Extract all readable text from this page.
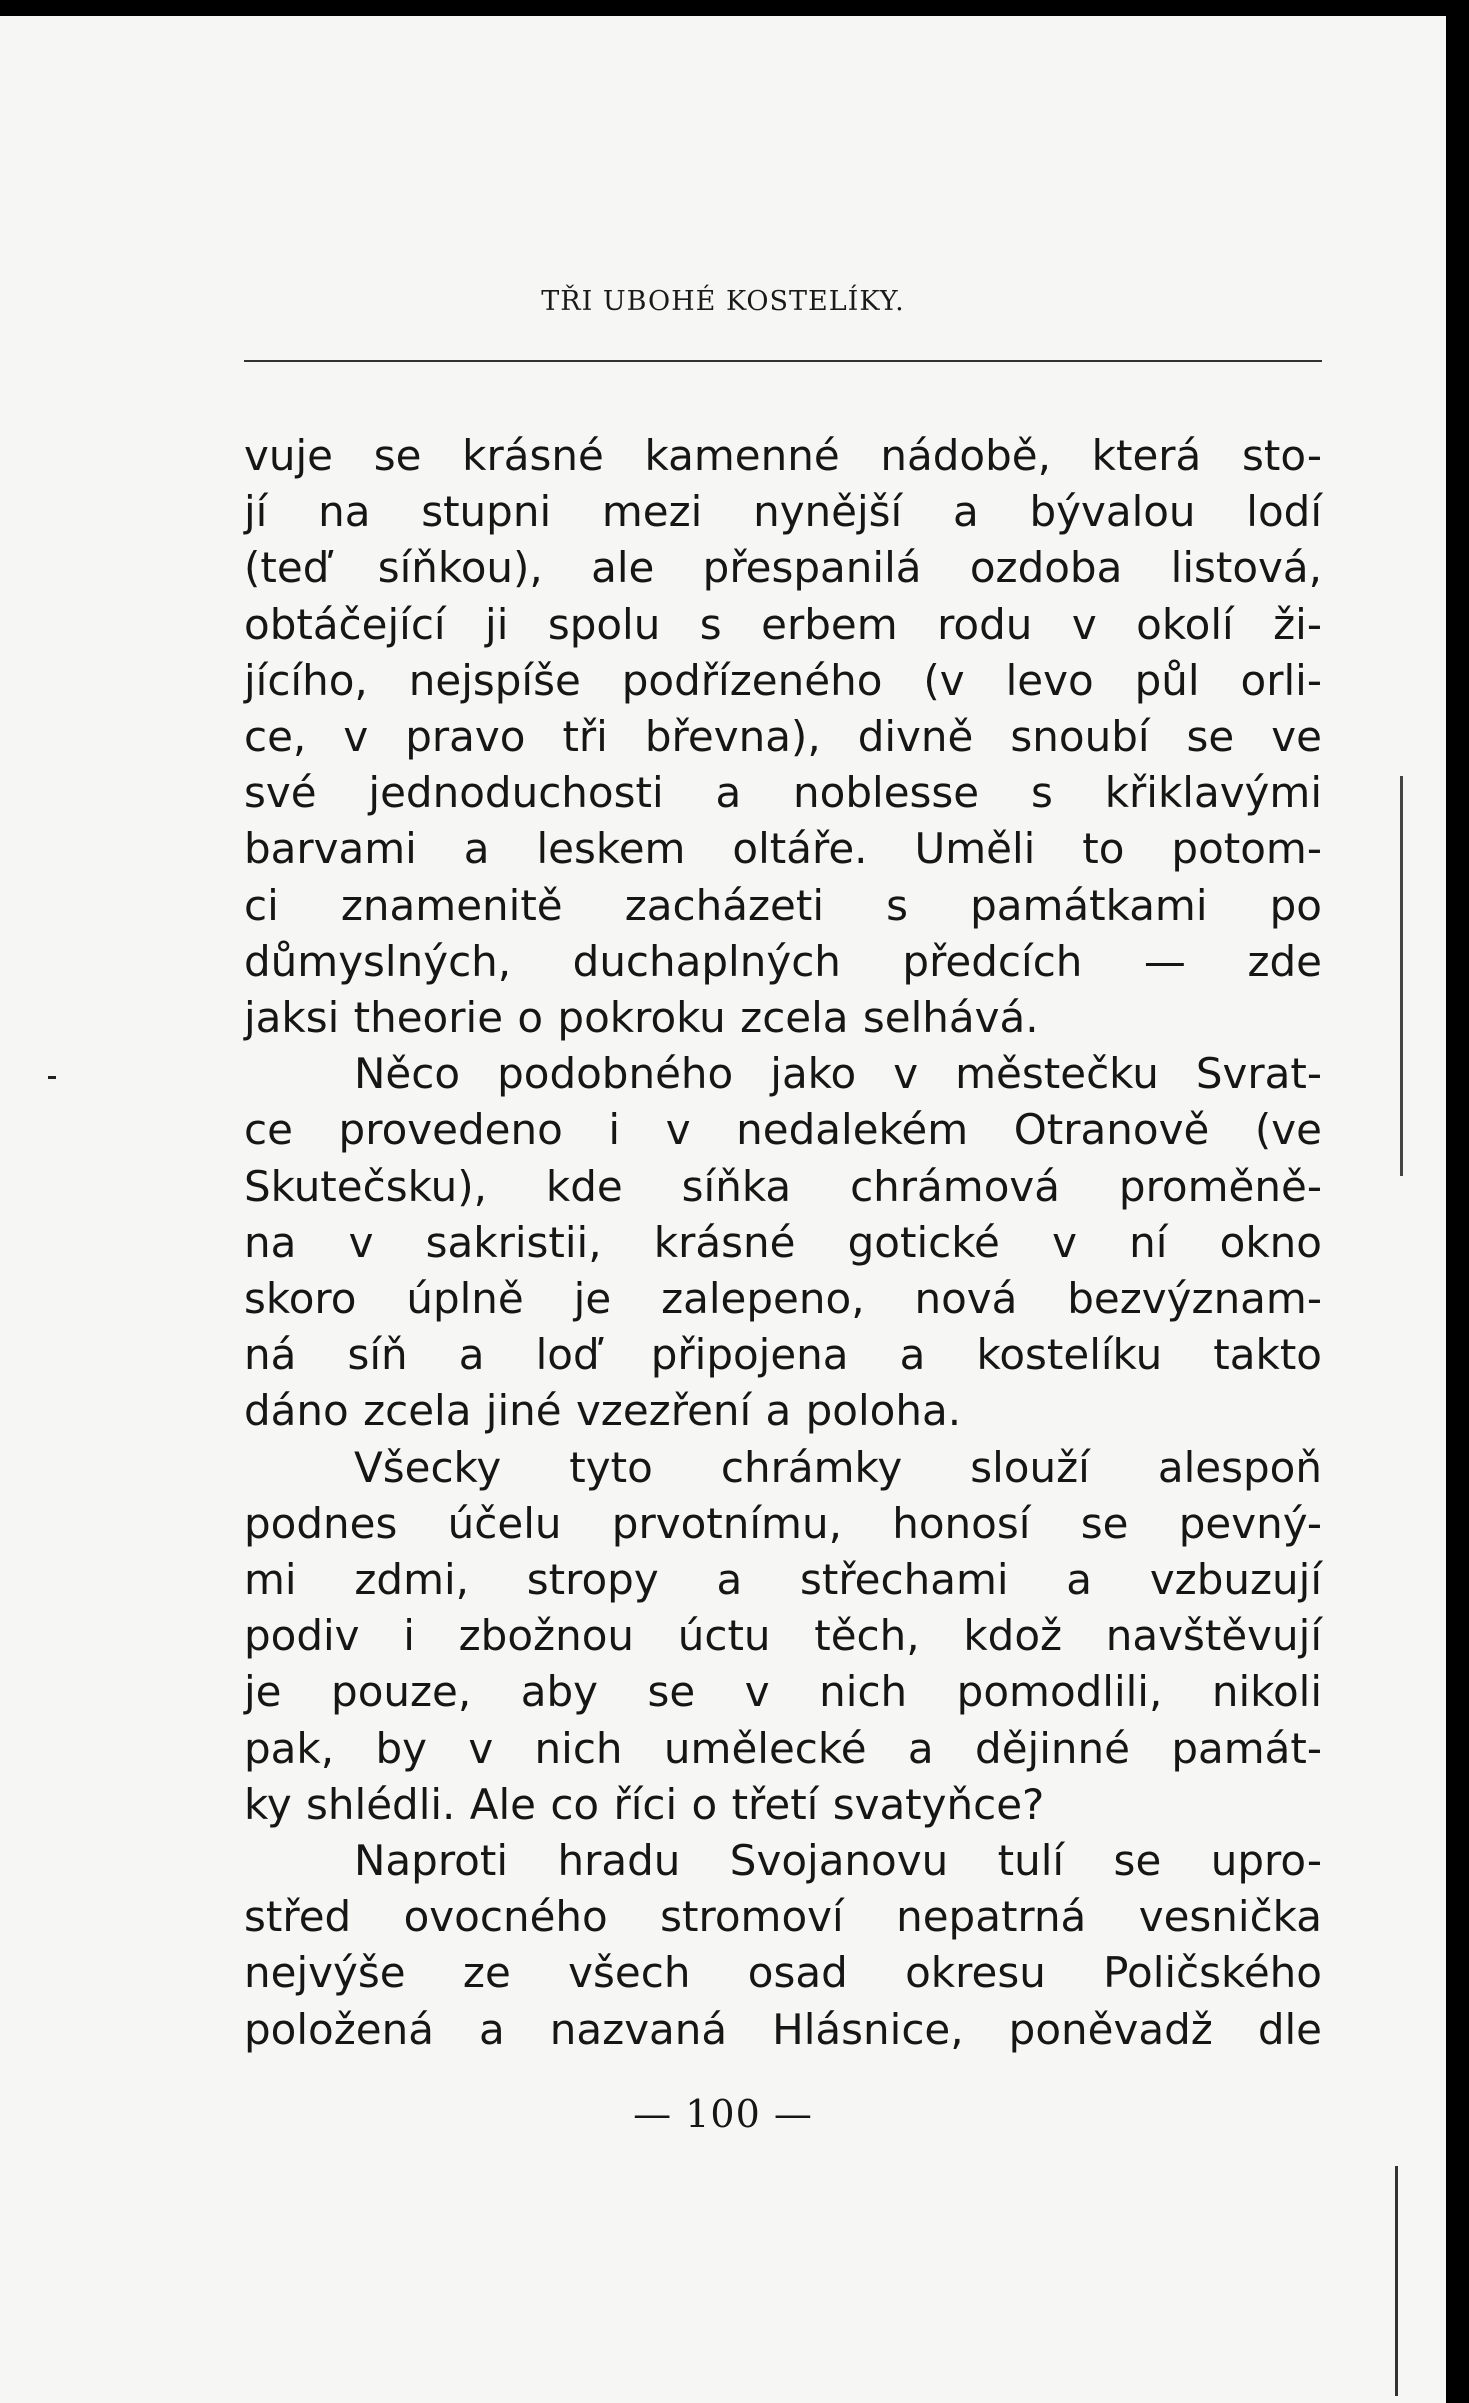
TŘI UBOHÉ KOSTELÍKY.
vuje se krásné kamenné nádobě, která sto-
jí na stupni mezi nynější a bývalou lodí
(teď síňkou), ale přespanilá ozdoba listová,
obtáčející ji spolu s erbem rodu v okolí ži-
jícího, nejspíše podřízeného (v levo půl orli-
ce, v pravo tři břevna), divně snoubí se ve
své jednoduchosti a noblesse s křiklavými
barvami a leskem oltáře. Uměli to potom-
ci znamenitě zacházeti s památkami po
důmyslných, duchaplných předcích — zde
jaksi theorie o pokroku zcela selhává.
Něco podobného jako v městečku Svrat-
ce provedeno i v nedalekém Otranově (ve
Skutečsku), kde síňka chrámová proměně-
na v sakristii, krásné gotické v ní okno
skoro úplně je zalepeno, nová bezvýznam-
ná síň a loď připojena a kostelíku takto
dáno zcela jiné vzezření a poloha.
Všecky tyto chrámky slouží alespoň
podnes účelu prvotnímu, honosí se pevný-
mi zdmi, stropy a střechami a vzbuzují
podiv i zbožnou úctu těch, kdož navštěvují
je pouze, aby se v nich pomodlili, nikoli
pak, by v nich umělecké a dějinné památ-
ky shlédli. Ale co říci o třetí svatyňce?
Naproti hradu Svojanovu tulí se upro-
střed ovocného stromoví nepatrná vesnička
nejvýše ze všech osad okresu Poličského
položená a nazvaná Hlásnice, poněvadž dle
— 100 —
